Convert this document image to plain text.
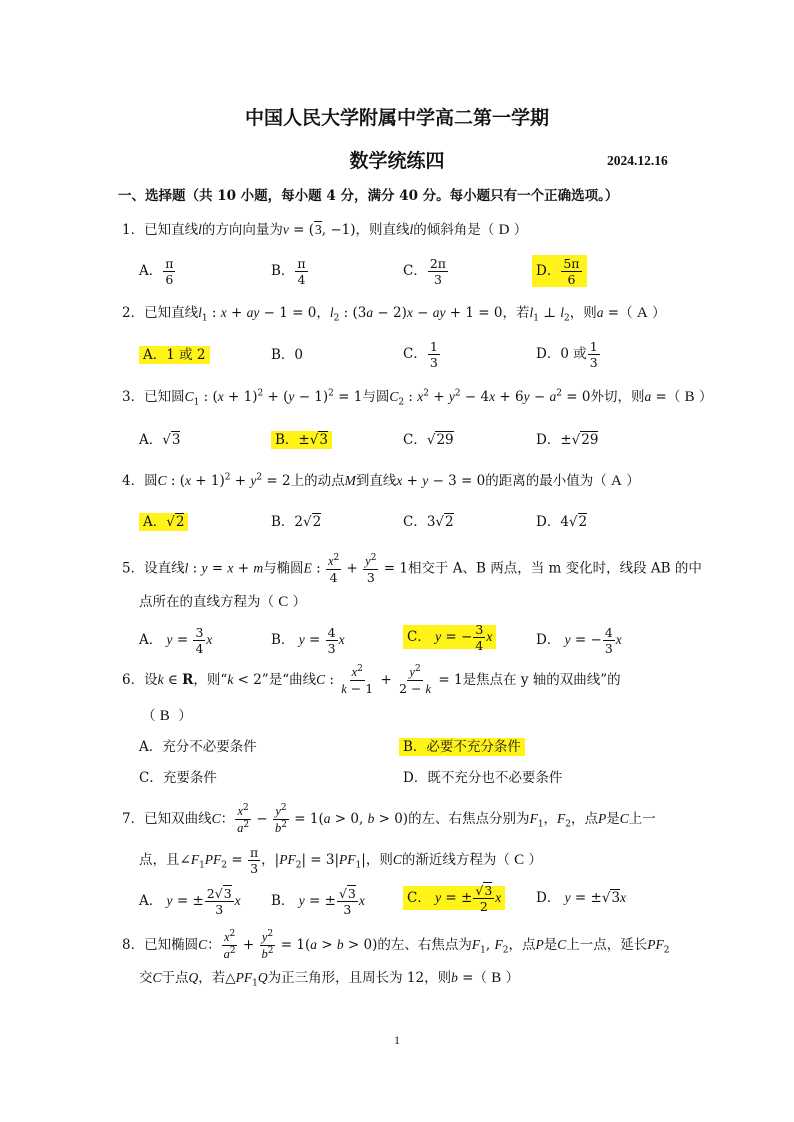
中国人民大学附属中学高二第一学期
数学统练四	2024.12.16
一、选择题（共 10 小题，每小题 4 分，满分 40 分。每小题只有一个正确选项。）
1．已知直线l的方向向量为v = (3, −1)，则直线l的倾斜角是（ D ）
A． $\frac{\pi}{6}$	B． $\frac{\pi}{4}$	C． $\frac{2\pi}{3}$	D． $\frac{5\pi}{6}$
2．已知直线$l_1$ : x + ay − 1 = 0，$l_2$ : (3a − 2)x − ay + 1 = 0，若$l_1$ ⊥ $l_2$，则a =（ A ）
A．1 或 2	B．0	C． $\frac{1}{3}$	D．0 或 $\frac{1}{3}$
3．已知圆$C_1$ : $(x + 1)^2 + (y - 1)^2 = 1$与圆$C_2$ : $x^2 + y^2 - 4x + 6y - a^2 = 0$外切，则a =（ B ）
A．√3	B．±√3	C．√29	D．±√29
4．圆C : $(x + 1)^2 + y^2 = 2$上的动点M到直线x + y − 3 = 0的距离的最小值为（ A ）
A．√2	B．2√2	C．3√2	D．4√2
5．设直线l : y = x + m与椭圆E : $\frac{x^2}{4} + \frac{y^2}{3} = 1$相交于 A、B 两点，当 m 变化时，线段 AB 的中
点所在的直线方程为（ C ）
A． $y = \frac{3}{4}$ x	B． $y = \frac{4}{3}$ x	C． y = − $\frac{3}{4}$ x	D． y = − $\frac{4}{3}$ x
6．设k ∈ R，则“k < 2”是“曲线C : $\frac{x^2}{k - 1} + \frac{y^2}{2 - k} = 1$是焦点在 y 轴的双曲线”的
（ B ）
A．充分不必要条件	B．必要不充分条件
C．充要条件	D．既不充分也不必要条件
7．已知双曲线C： $\frac{x^2}{a^2} - \frac{y^2}{b^2} = 1(a > 0$, b > 0)的左、右焦点分别为$F_1$，$F_2$，点P是C上一
点，且$\angle F_1PF_2 = \frac{\pi}{3}$ ，$|PF_2| = 3|PF_1|$，则C的渐近线方程为（ C ）
A． y = ± $\frac{2√3}{3}$ x B． y = ± $\frac{√3}{3}$ x	C． y = ± $\frac{√3}{2}$ x	D． y = ±√3x
8．已知椭圆C： $\frac{x^2}{a^2} + \frac{y^2}{b^2} = 1(a > b > 0)$的左、右焦点为$F_1$, $F_2$，点P是C上一点，延长$PF_2$
交C于点Q，若$\triangle PF_1Q$为正三角形，且周长为 12，则b =（ B ）
1
